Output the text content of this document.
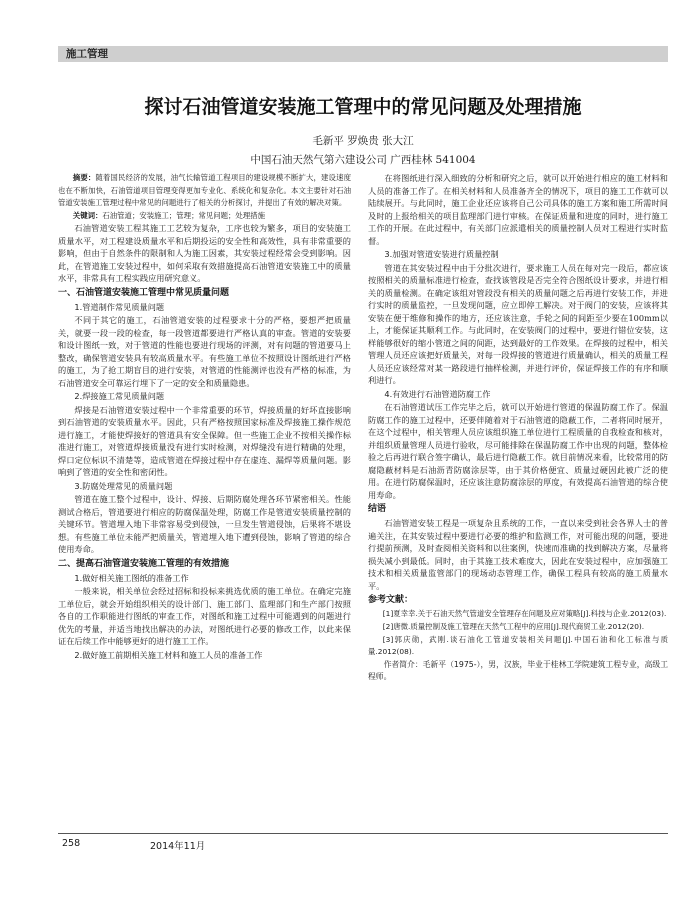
施工管理
探讨石油管道安装施工管理中的常见问题及处理措施
毛新平 罗焕贵 张大江
中国石油天然气第六建设公司 广西桂林 541004

摘要：随着国民经济的发展，油气长输管道工程项目的建设规模不断扩大，建设速度也在不断加快，石油管道项目管理变得更加专业化、系统化和复杂化。本文主要针对石油管道安装施工管理过程中常见的问题进行了相关的分析探讨，并提出了有效的解决对策。

关键词：石油管道；安装施工；管理；常见问题；处理措施

石油管道安装工程其施工工艺较为复杂，工序也较为繁多，项目的安装施工质量水平，对工程建设质量水平和后期投运的安全性和高效性，具有非常重要的影响，但由于自然条件的限制和人为施工因素，其安装过程经常会受到影响。因此，在管道施工安装过程中，如何采取有效措施提高石油管道安装施工中的质量水平，非常具有工程实践应用研究意义。

一、石油管道安装施工管理中常见质量问题
1.管道制作常见质量问题

不同于其它的施工，石油管道安装的过程要求十分的严格，要想严把质量关，就要一段一段的检查，每一段管道都要进行严格认真的审查。管道的安装要和设计图纸一致，对于管道的性能也要进行现场的评测，对有问题的管道要马上整改，确保管道安装具有较高质量水平。有些施工单位不按照设计图纸进行严格的施工，为了抢工期盲目的进行安装，对管道的性能测评也没有严格的标准，为石油管道安全可靠运行埋下了一定的安全和质量隐患。

2.焊接施工常见质量问题

焊接是石油管道安装过程中一个非常重要的环节，焊接质量的好坏直接影响到石油管道的安装质量水平。因此，只有严格按照国家标准及焊接施工操作规范进行施工，才能使焊接好的管道具有安全保障。但一些施工企业不按相关操作标准进行施工，对管道焊接质量没有进行实时检测，对焊缝没有进行精确的处理，焊口定位标识不清楚等，造成管道在焊接过程中存在虚连、漏焊等质量问题。影响到了管道的安全性和密闭性。

3.防腐处理常见的质量问题

管道在施工整个过程中，设计、焊接、后期防腐处理各环节紧密相关。性能测试合格后，管道要进行相应的防腐保温处理，防腐工作是管道安装质量控制的关键环节。管道埋入地下非常容易受到侵蚀，一旦发生管道侵蚀，后果将不堪设想。有些施工单位未能严把质量关，管道埋入地下遭到侵蚀，影响了管道的综合使用寿命。

二、提高石油管道安装施工管理的有效措施
1.做好相关施工图纸的准备工作

一般来说，相关单位会经过招标和投标来挑选优质的施工单位。在确定完施工单位后，就会开始组织相关的设计部门、施工部门、监理部门和生产部门按照各自的工作职能进行图纸的审查工作，对图纸和施工过程中可能遇到的问题进行优先的考量，并适当地找出解决的办法，对图纸进行必要的修改工作，以此来保证在后续工作中能够更好的进行施工工作。

2.做好施工前期相关施工材料和施工人员的准备工作

在将图纸进行深入细致的分析和研究之后，就可以开始进行相应的施工材料和人员的准备工作了。在相关材料和人员准备齐全的情况下，项目的施工工作就可以陆续展开。与此同时，施工企业还应该将自己公司具体的施工方案和施工所需时间及时的上报给相关的项目监理部门进行审核。在保证质量和进度的同时，进行施工工作的开展。在此过程中，有关部门应派遣相关的质量控制人员对工程进行实时监督。

3.加强对管道安装进行质量控制

管道在其安装过程中由于分批次进行，要求施工人员在每对完一段后，都应该按照相关的质量标准进行检查，查找该管段是否完全符合图纸设计要求，并进行相关的质量检测。在确定该组对管段没有相关的质量问题之后再进行安装工作，并进行实时的质量监控，一旦发现问题，应立即停工解决。对于阀门的安装，应该将其安装在便于维修和操作的地方，还应该注意，手轮之间的间距至少要在100mm以上，才能保证其顺利工作。与此同时，在安装阀门的过程中，要进行错位安装，这样能够很好的缩小管道之间的间距，达到最好的工作效果。在焊接的过程中，相关管理人员还应该把好质量关，对每一段焊接的管道进行质量确认，相关的质量工程人员还应该经常对某一路段进行抽样检测，并进行评价，保证焊接工作的有序和顺利进行。

4.有效进行石油管道防腐工作

在石油管道试压工作完毕之后，就可以开始进行管道的保温防腐工作了。保温防腐工作的施工过程中，还要伴随着对于石油管道的隐蔽工作，二者将同时展开，在这个过程中，相关管理人员应该组织施工单位进行工程质量的自我检查和核对，并组织质量管理人员进行验收，尽可能排除在保温防腐工作中出现的问题，整体检验之后再进行联合签字确认，最后进行隐蔽工作。就目前情况来看，比较常用的防腐隐蔽材料是石油沥青防腐涂层等，由于其价格便宜、质量过硬因此被广泛的使用。在进行防腐保温时，还应该注意防腐涂层的厚度，有效提高石油管道的综合使用寿命。

结语

石油管道安装工程是一项复杂且系统的工作，一直以来受到社会各界人士的普遍关注，在其安装过程中要进行必要的维护和监测工作，对可能出现的问题，要进行提前预测，及时查阅相关资料和以往案例，快速而准确的找到解决方案，尽量将损失减小到最低。同时，由于其施工技术难度大，因此在安装过程中，应加强施工技术和相关质量监管部门的现场动态管理工作，确保工程具有较高的施工质量水平。

参考文献：

[1]夏幸幸.关于石油天然气管道安全管理存在问题及应对策略[J].科技与企业.2012(03).

[2]唐微.质量控制及施工管理在天然气工程中的应用[J].现代商贸工业.2012(20).

[3]郭庆勋，武刚.谈石油化工管道安装相关问题[J].中国石油和化工标准与质量.2012(08).

作者简介：毛新平（1975-），男，汉族，毕业于桂林工学院建筑工程专业，高级工程师。

258	2014年11月
